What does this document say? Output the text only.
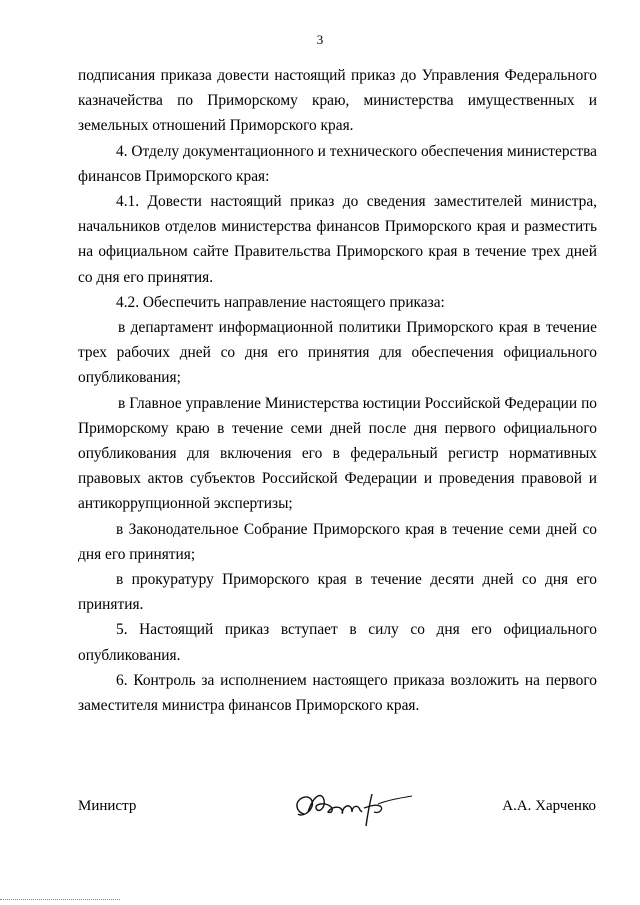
3

подписания приказа довести настоящий приказ до Управления Федерального казначейства по Приморскому краю, министерства имущественных и земельных отношений Приморского края.

4. Отделу документационного и технического обеспечения министерства финансов Приморского края:

4.1. Довести настоящий приказ до сведения заместителей министра, начальников отделов министерства финансов Приморского края и разместить на официальном сайте Правительства Приморского края в течение трех дней со дня его принятия.

4.2. Обеспечить направление настоящего приказа:

в департамент информационной политики Приморского края в течение трех рабочих дней со дня его принятия для обеспечения официального опубликования;

в Главное управление Министерства юстиции Российской Федерации по Приморскому краю в течение семи дней после дня первого официального опубликования для включения его в федеральный регистр нормативных правовых актов субъектов Российской Федерации и проведения правовой и антикоррупционной экспертизы;

в Законодательное Собрание Приморского края в течение семи дней со дня его принятия;

в прокуратуру Приморского края в течение десяти дней со дня его принятия.

5. Настоящий приказ вступает в силу со дня его официального опубликования.

6. Контроль за исполнением настоящего приказа возложить на первого заместителя министра финансов Приморского края.

Министр	А.А. Харченко
